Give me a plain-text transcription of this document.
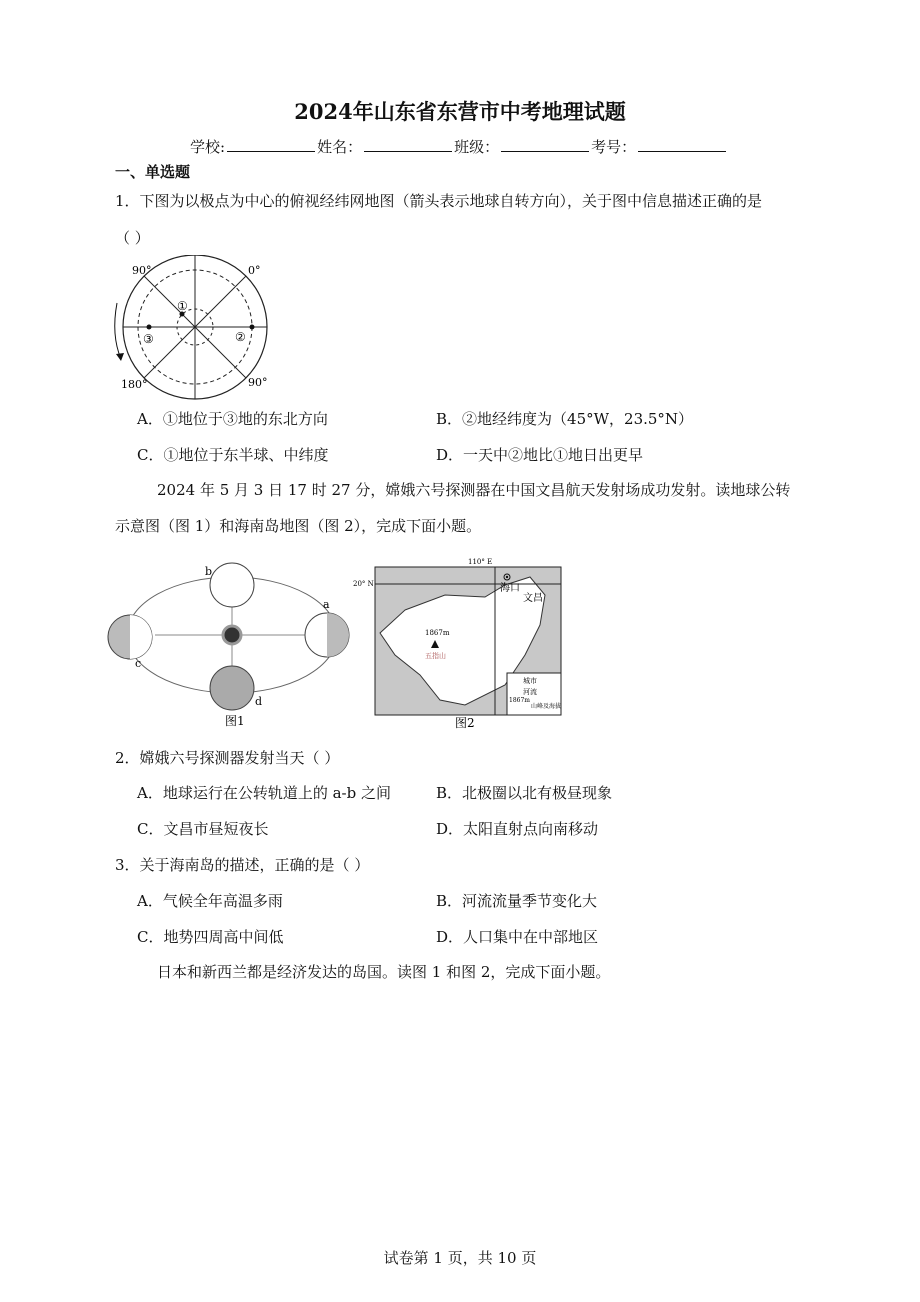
2024年山东省东营市中考地理试题
学校:	姓名：	班级：	考号：
一、单选题
1．下图为以极点为中心的俯视经纬网地图（箭头表示地球自转方向），关于图中信息描述正确的是
（ ）
90°	0°
180°	90°
①
③	②
A．①地位于③地的东北方向	B．②地经纬度为（45°W，23.5°N）
C．①地位于东半球、中纬度	D．一天中②地比①地日出更早
2024 年 5 月 3 日 17 时 27 分，嫦娥六号探测器在中国文昌航天发射场成功发射。读地球公转
示意图（图 1）和海南岛地图（图 2），完成下面小题。
b
a
c
d
图1
110° E
20° N	海口
文昌
1867m
五指山
城市
河流
1867m
山峰及海拔
图2
2．嫦娥六号探测器发射当天（ ）
A．地球运行在公转轨道上的 a-b 之间	B．北极圈以北有极昼现象
C．文昌市昼短夜长	D．太阳直射点向南移动
3．关于海南岛的描述，正确的是（ ）
A．气候全年高温多雨	B．河流流量季节变化大
C．地势四周高中间低	D．人口集中在中部地区
日本和新西兰都是经济发达的岛国。读图 1 和图 2，完成下面小题。
试卷第 1 页，共 10 页
